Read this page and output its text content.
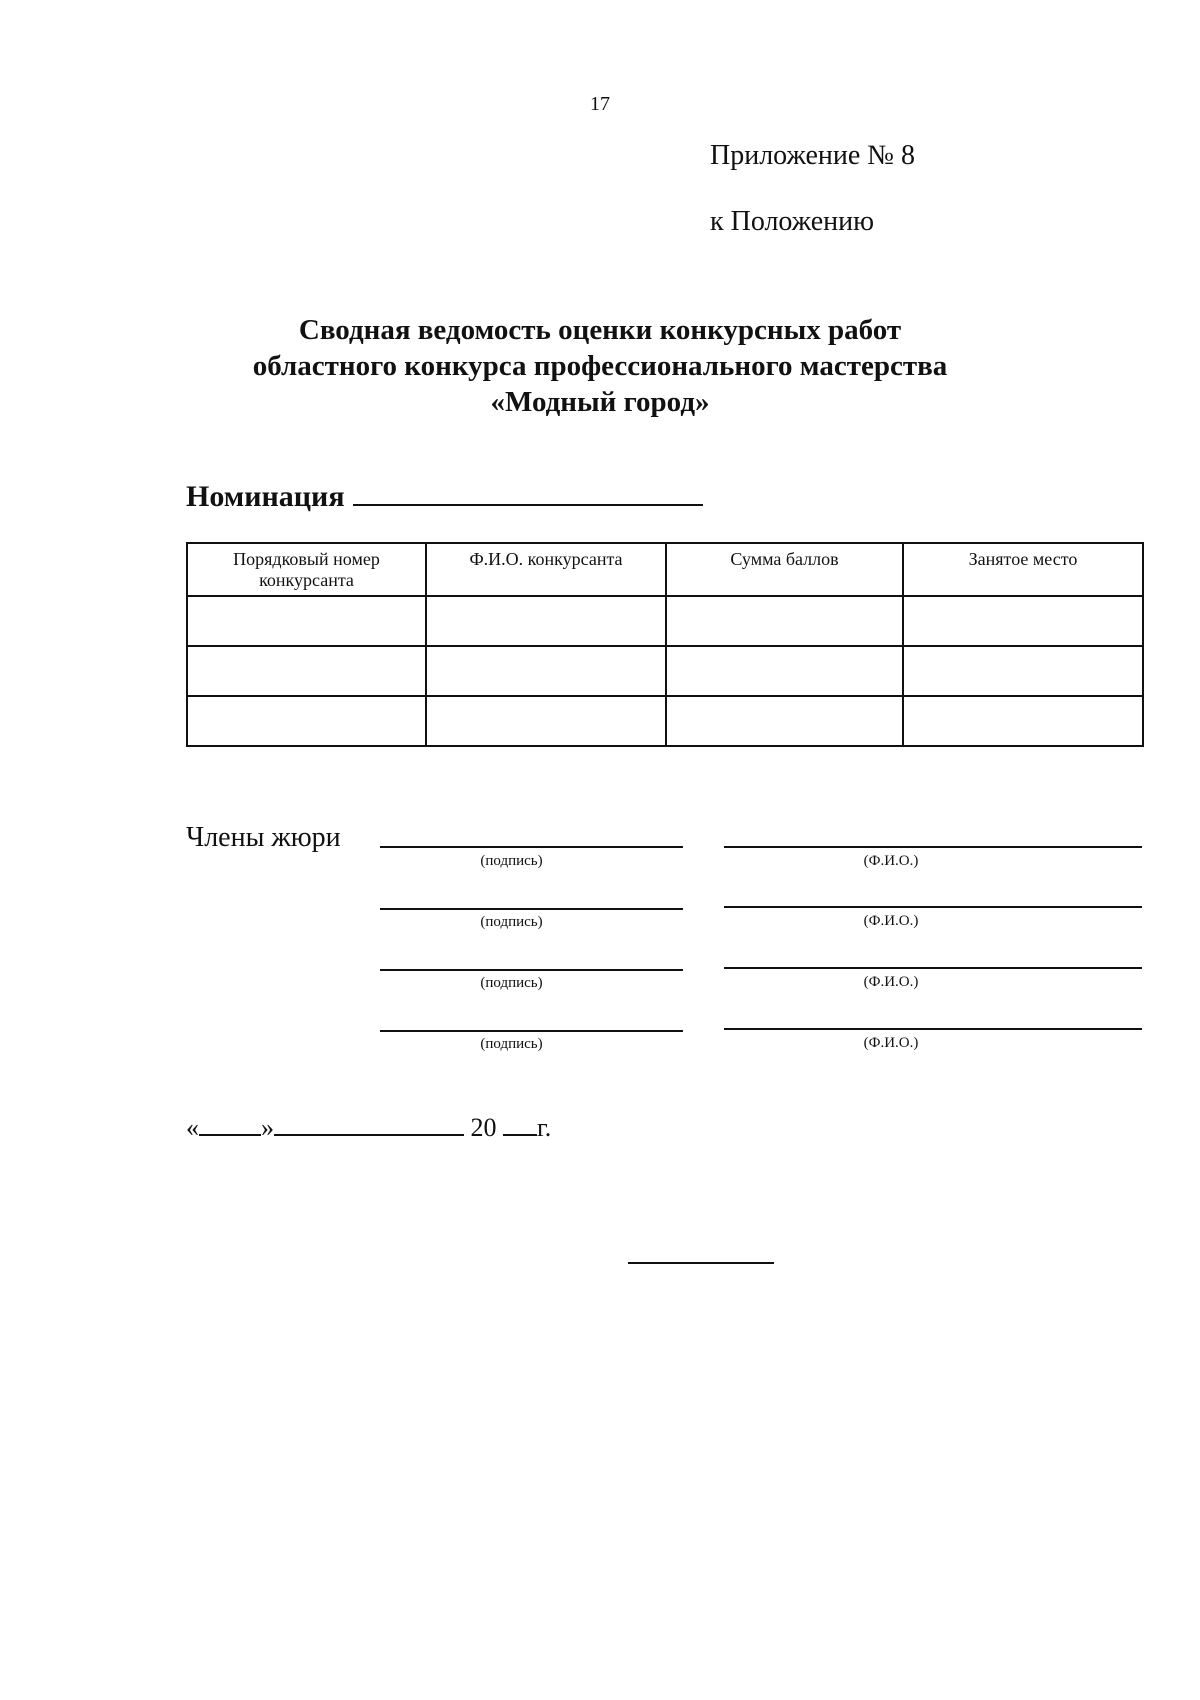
17
Приложение № 8
к Положению
Сводная ведомость оценки конкурсных работ
областного конкурса профессионального мастерства
«Модный город»
Номинация
Порядковый номер конкурсанта	Ф.И.О. конкурсанта	Сумма баллов	Занятое место

Члены жюри
(подпись)	(Ф.И.О.)
(подпись)	(Ф.И.О.)
(подпись)	(Ф.И.О.)
(подпись)	(Ф.И.О.)
« »	20 г.
